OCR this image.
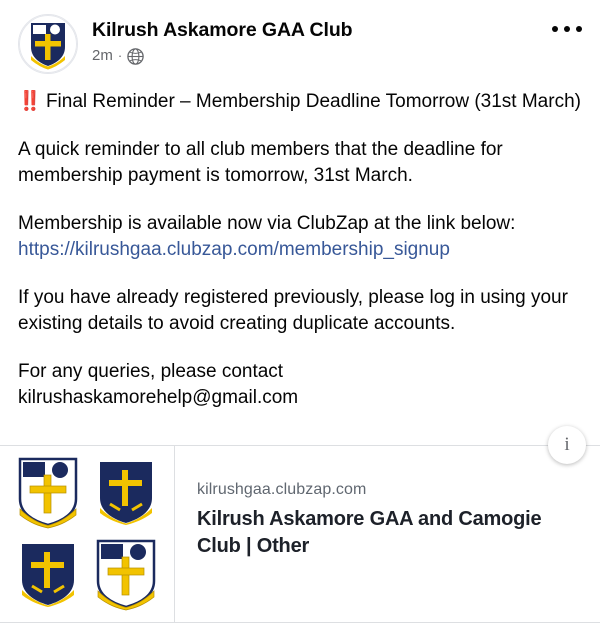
Kilrush Askamore GAA Club
2m ·

‼️ Final Reminder – Membership Deadline Tomorrow (31st March)

A quick reminder to all club members that the deadline for membership payment is tomorrow, 31st March.

Membership is available now via ClubZap at the link below:

https://kilrushgaa.clubzap.com/membership_signup

If you have already registered previously, please log in using your existing details to avoid creating duplicate accounts.

For any queries, please contact

kilrushaskamorehelp@gmail.com

i
kilrushgaa.clubzap.com
Kilrush Askamore GAA and Camogie Club | Other
